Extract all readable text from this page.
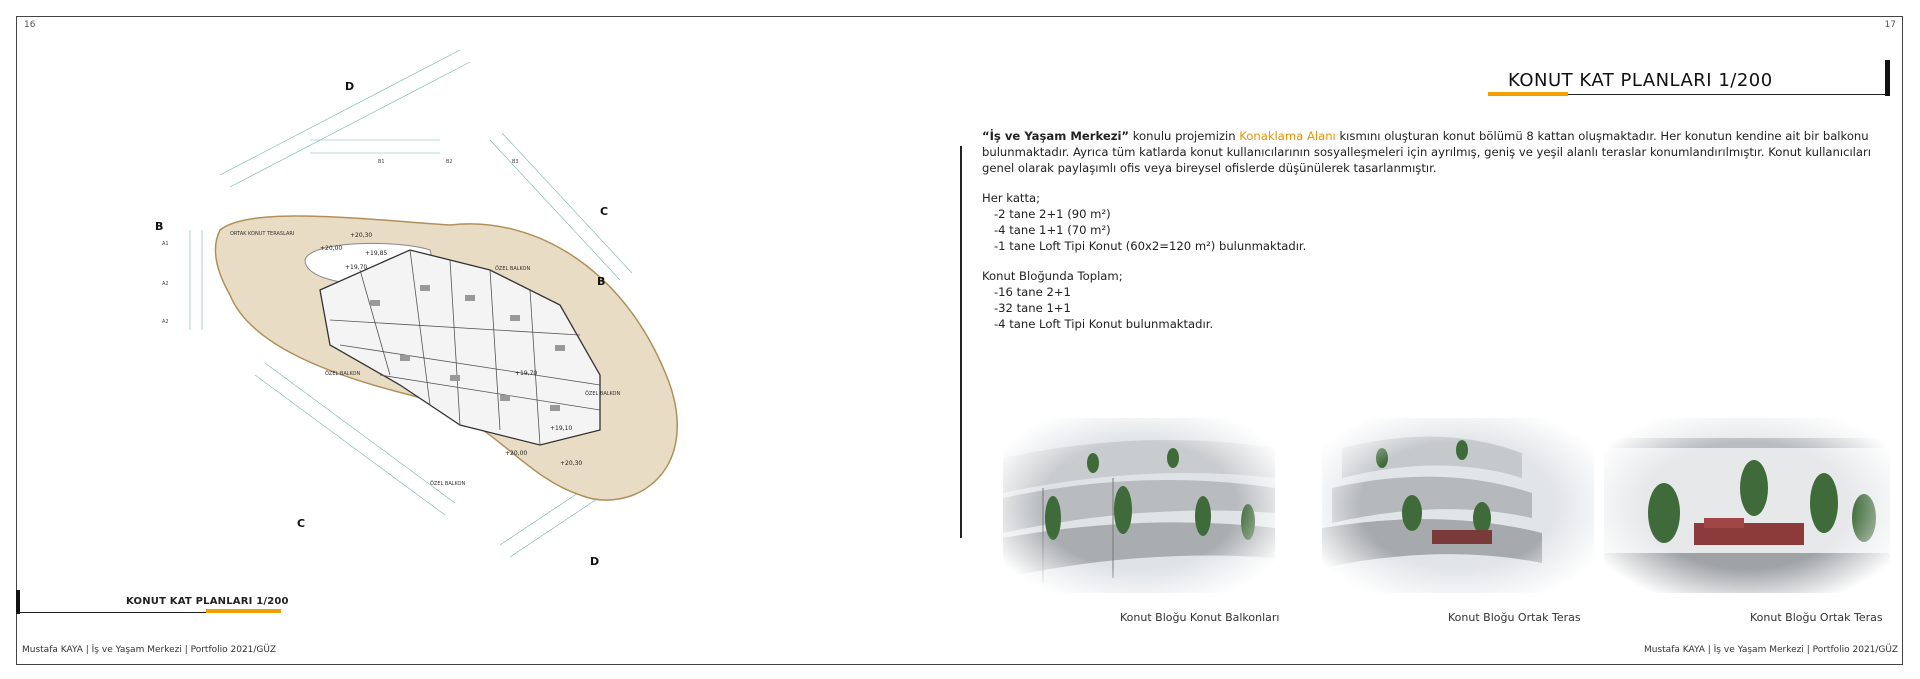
16	17
B
B
C
C
D
D
ORTAK KONUT TERASLARI
ÖZEL BALKON
ÖZEL BALKON
ÖZEL BALKON
ÖZEL BALKON
+20,30
+20,00
+19,85
+19,70
+19,70
+19,10
+20,00
+20,30
A1
A2
A2
B1	B2	B3
KONUT KAT PLANLARI 1/200
Mustafa KAYA | İş ve Yaşam Merkezi | Portfolio 2021/GÜZ
KONUT KAT PLANLARI 1/200

“İş ve Yaşam Merkezi” konulu projemizin Konaklama Alanı kısmını oluşturan konut bölümü 8 kattan oluşmaktadır. Her konutun kendine ait bir balkonu bulunmaktadır. Ayrıca tüm katlarda konut kullanıcılarının sosyalleşmeleri için ayrılmış, geniş ve yeşil alanlı teraslar konumlandırılmıştır. Konut kullanıcıları genel olarak paylaşımlı ofis veya bireysel ofislerde düşünülerek tasarlanmıştır.

Her katta;
-2 tane 2+1 (90 m²)
-4 tane 1+1 (70 m²)
-1 tane Loft Tipi Konut (60x2=120 m²) bulunmaktadır.
Konut Bloğunda Toplam;
-16 tane 2+1
-32 tane 1+1
-4 tane Loft Tipi Konut bulunmaktadır.
Konut Bloğu Konut Balkonları	Konut Bloğu Ortak Teras	Konut Bloğu Ortak Teras
Mustafa KAYA | İş ve Yaşam Merkezi | Portfolio 2021/GÜZ
